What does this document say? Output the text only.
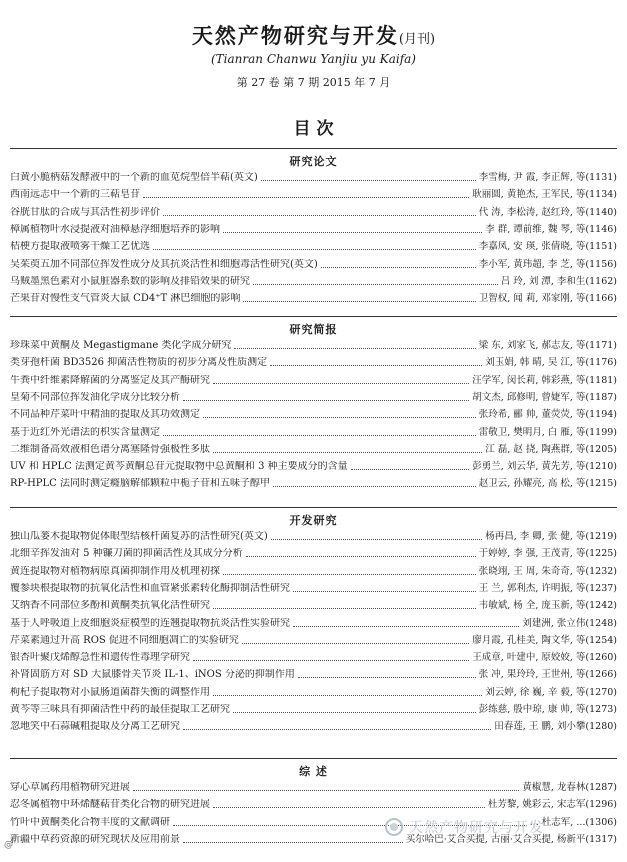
天然产物研究与开发(月刊)
(Tianran Chanwu Yanjiu yu Kaifa)
第 27 卷 第 7 期 2015 年 7 月
目 次
研究论文
白黄小脆柄菇发酵液中的一个新的血苋烷型倍半萜(英文)	李雪梅, 尹 霞, 李正辉, 等(1131)
西南远志中一个新的三萜皂苷	耿丽圆, 黄艳杰, 王军民, 等(1134)
谷胱甘肽的合成与其活性初步评价	代 涛, 李松涛, 赵红玲, 等(1140)
樟属植物叶水浸提液对油樟悬浮细胞培养的影响	李 群, 谭前维, 魏 琴, 等(1146)
桔梗方提取液喷雾干燥工艺优选	李嘉凤, 安 瑛, 张倩晓, 等(1151)
吴茱萸五加不同部位挥发性成分及其抗炎活性和细胞毒活性研究(英文)	李小军, 黄玮超, 李 芝, 等(1156)
乌贼墨黑色素对小鼠脏器系数的影响及排铅效果的研究	吕 玲, 刘 潭, 李和生(1162)
芒果苷对慢性支气管炎大鼠 CD4⁺T 淋巴细胞的影响	卫智权, 闻 莉, 邓家刚, 等(1166)
研究简报
珍珠菜中黄酮及 Megastigmane 类化学成分研究	梁 东, 刘家飞, 郝志友, 等(1171)
类芽孢杆菌 BD3526 抑菌活性物质的初步分离及性质测定	刘玉娟, 韩 晴, 吴 江, 等(1176)
牛粪中纤维素降解菌的分离鉴定及其产酶研究	汪学军, 闵长莉, 韩彩燕, 等(1181)
皇菊不同部位挥发油化学成分比较分析	胡文杰, 邱修明, 曾婕军, 等(1187)
不同品种芹菜叶中精油的提取及其功效测定	张玲希, 郦 帅, 董荧荧, 等(1194)
基于近红外光谱法的枳实含量测定	雷敬卫, 樊明月, 白 雁, 等(1199)
二维制备高效液相色谱分离塞隆骨强极性多肽	江 磊, 赵 挠, 陶燕群, 等(1205)
UV 和 HPLC 法测定黄芩黄酮总苷元提取物中总黄酮和 3 种主要成分的含量	彭勇兰, 刘云华, 黄先芳, 等(1210)
RP-HPLC 法同时测定癃脑解郁颗粒中栀子苷和五味子醇甲	赵卫云, 孙耀亮, 高 松, 等(1215)
开发研究
独山瓜蒌木提取物促体眼型结核杆菌复苏的活性研究(英文)	杨再昌, 李 卿, 张 健, 等(1219)
北细辛挥发油对 5 种镰刀菌的抑菌活性及其成分分析	于婷婷, 李 强, 王茂青, 等(1225)
黄连提取物对植物病原真菌抑制作用及机理初探	张晓翊, 王 周, 朱奇奇, 等(1232)
覆参块根提取物的抗氧化活性和血管紧张素转化酶抑制活性研究	王 兰, 郭利杰, 许明振, 等(1237)
艾纳香不同部位多酚和黄酮类抗氧化活性研究	韦敏斌, 杨 全, 庞玉新, 等(1242)
基于人呼吸道上皮细胞炎症模型的连翘提取物抗炎活性实验研究	刘建洲, 张立伟(1248)
芹菜素通过升高 ROS 促进不同细胞凋亡的实验研究	廖月霞, 孔桂美, 陶文华, 等(1254)
银杏叶聚戊烯醇急性和遗传性毒理学研究	王成章, 叶建中, 原姣姣, 等(1260)
补肾固筋方对 SD 大鼠膝骨关节炎 IL-1、iNOS 分泌的抑制作用	张 冲, 果玲玲, 王世州, 等(1266)
枸杞子提取物对小鼠肠道菌群失衡的调整作用	刘云婷, 徐 巍, 辛 毅, 等(1270)
黄芩等三味具有抑菌活性中药的最佳提取工艺研究	彭练慈, 殷中琼, 康 帅, 等(1273)
忽地笑中石蒜碱粗提取及分离工艺研究	田春莲, 王 鹏, 刘小攀(1280)
综 述
穿心草属药用植物研究进展	黄椒慧, 龙春林(1287)
忍冬属植物中环烯醚萜苷类化合物的研究进展	杜芳黎, 姚彩云, 宋志军(1296)
竹叶中黄酮类化合物丰度的文献调研	... 杜志军, ...(1306)
新疆中草药资源的研究现状及应用前景	买尔哈巴·艾合买提, 古丽·艾合买提, 杨新平(1317)
天然产物研究与开发
@
